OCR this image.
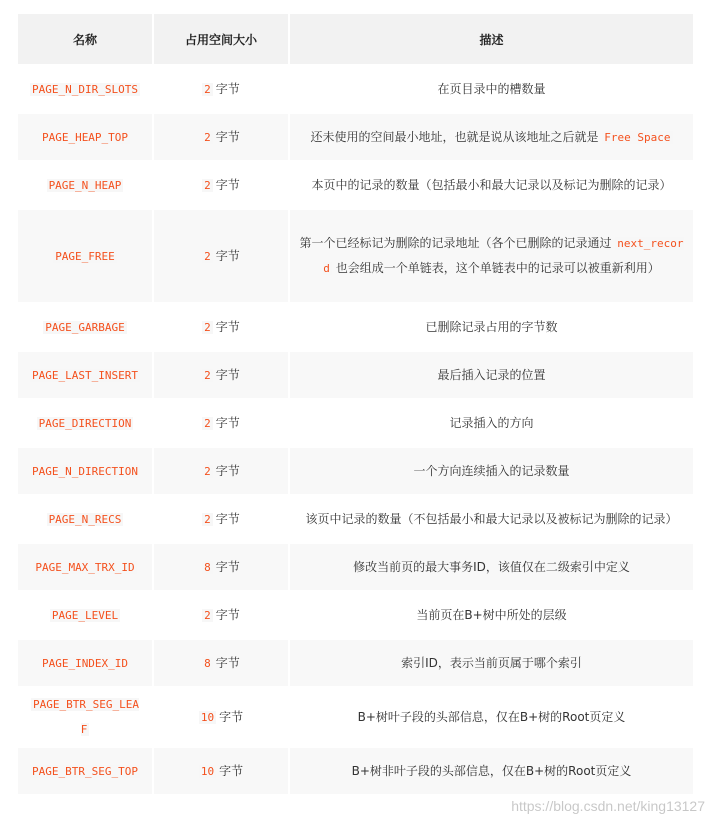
名称	占用空间大小	描述
PAGE_N_DIR_SLOTS	2 字节	在页目录中的槽数量
PAGE_HEAP_TOP	2 字节	还未使用的空间最小地址，也就是说从该地址之后就是 Free Space
PAGE_N_HEAP	2 字节	本页中的记录的数量（包括最小和最大记录以及标记为删除的记录）
PAGE_FREE	2 字节	第一个已经标记为删除的记录地址（各个已删除的记录通过 next_record 也会组成一个单链表，这个单链表中的记录可以被重新利用）
PAGE_GARBAGE	2 字节	已删除记录占用的字节数
PAGE_LAST_INSERT	2 字节	最后插入记录的位置
PAGE_DIRECTION	2 字节	记录插入的方向
PAGE_N_DIRECTION	2 字节	一个方向连续插入的记录数量
PAGE_N_RECS	2 字节	该页中记录的数量（不包括最小和最大记录以及被标记为删除的记录）
PAGE_MAX_TRX_ID	8 字节	修改当前页的最大事务ID，该值仅在二级索引中定义
PAGE_LEVEL	2 字节	当前页在B+树中所处的层级
PAGE_INDEX_ID	8 字节	索引ID，表示当前页属于哪个索引
PAGE_BTR_SEG_LEAF	10 字节	B+树叶子段的头部信息，仅在B+树的Root页定义
PAGE_BTR_SEG_TOP	10 字节	B+树非叶子段的头部信息，仅在B+树的Root页定义
https://blog.csdn.net/king13127
